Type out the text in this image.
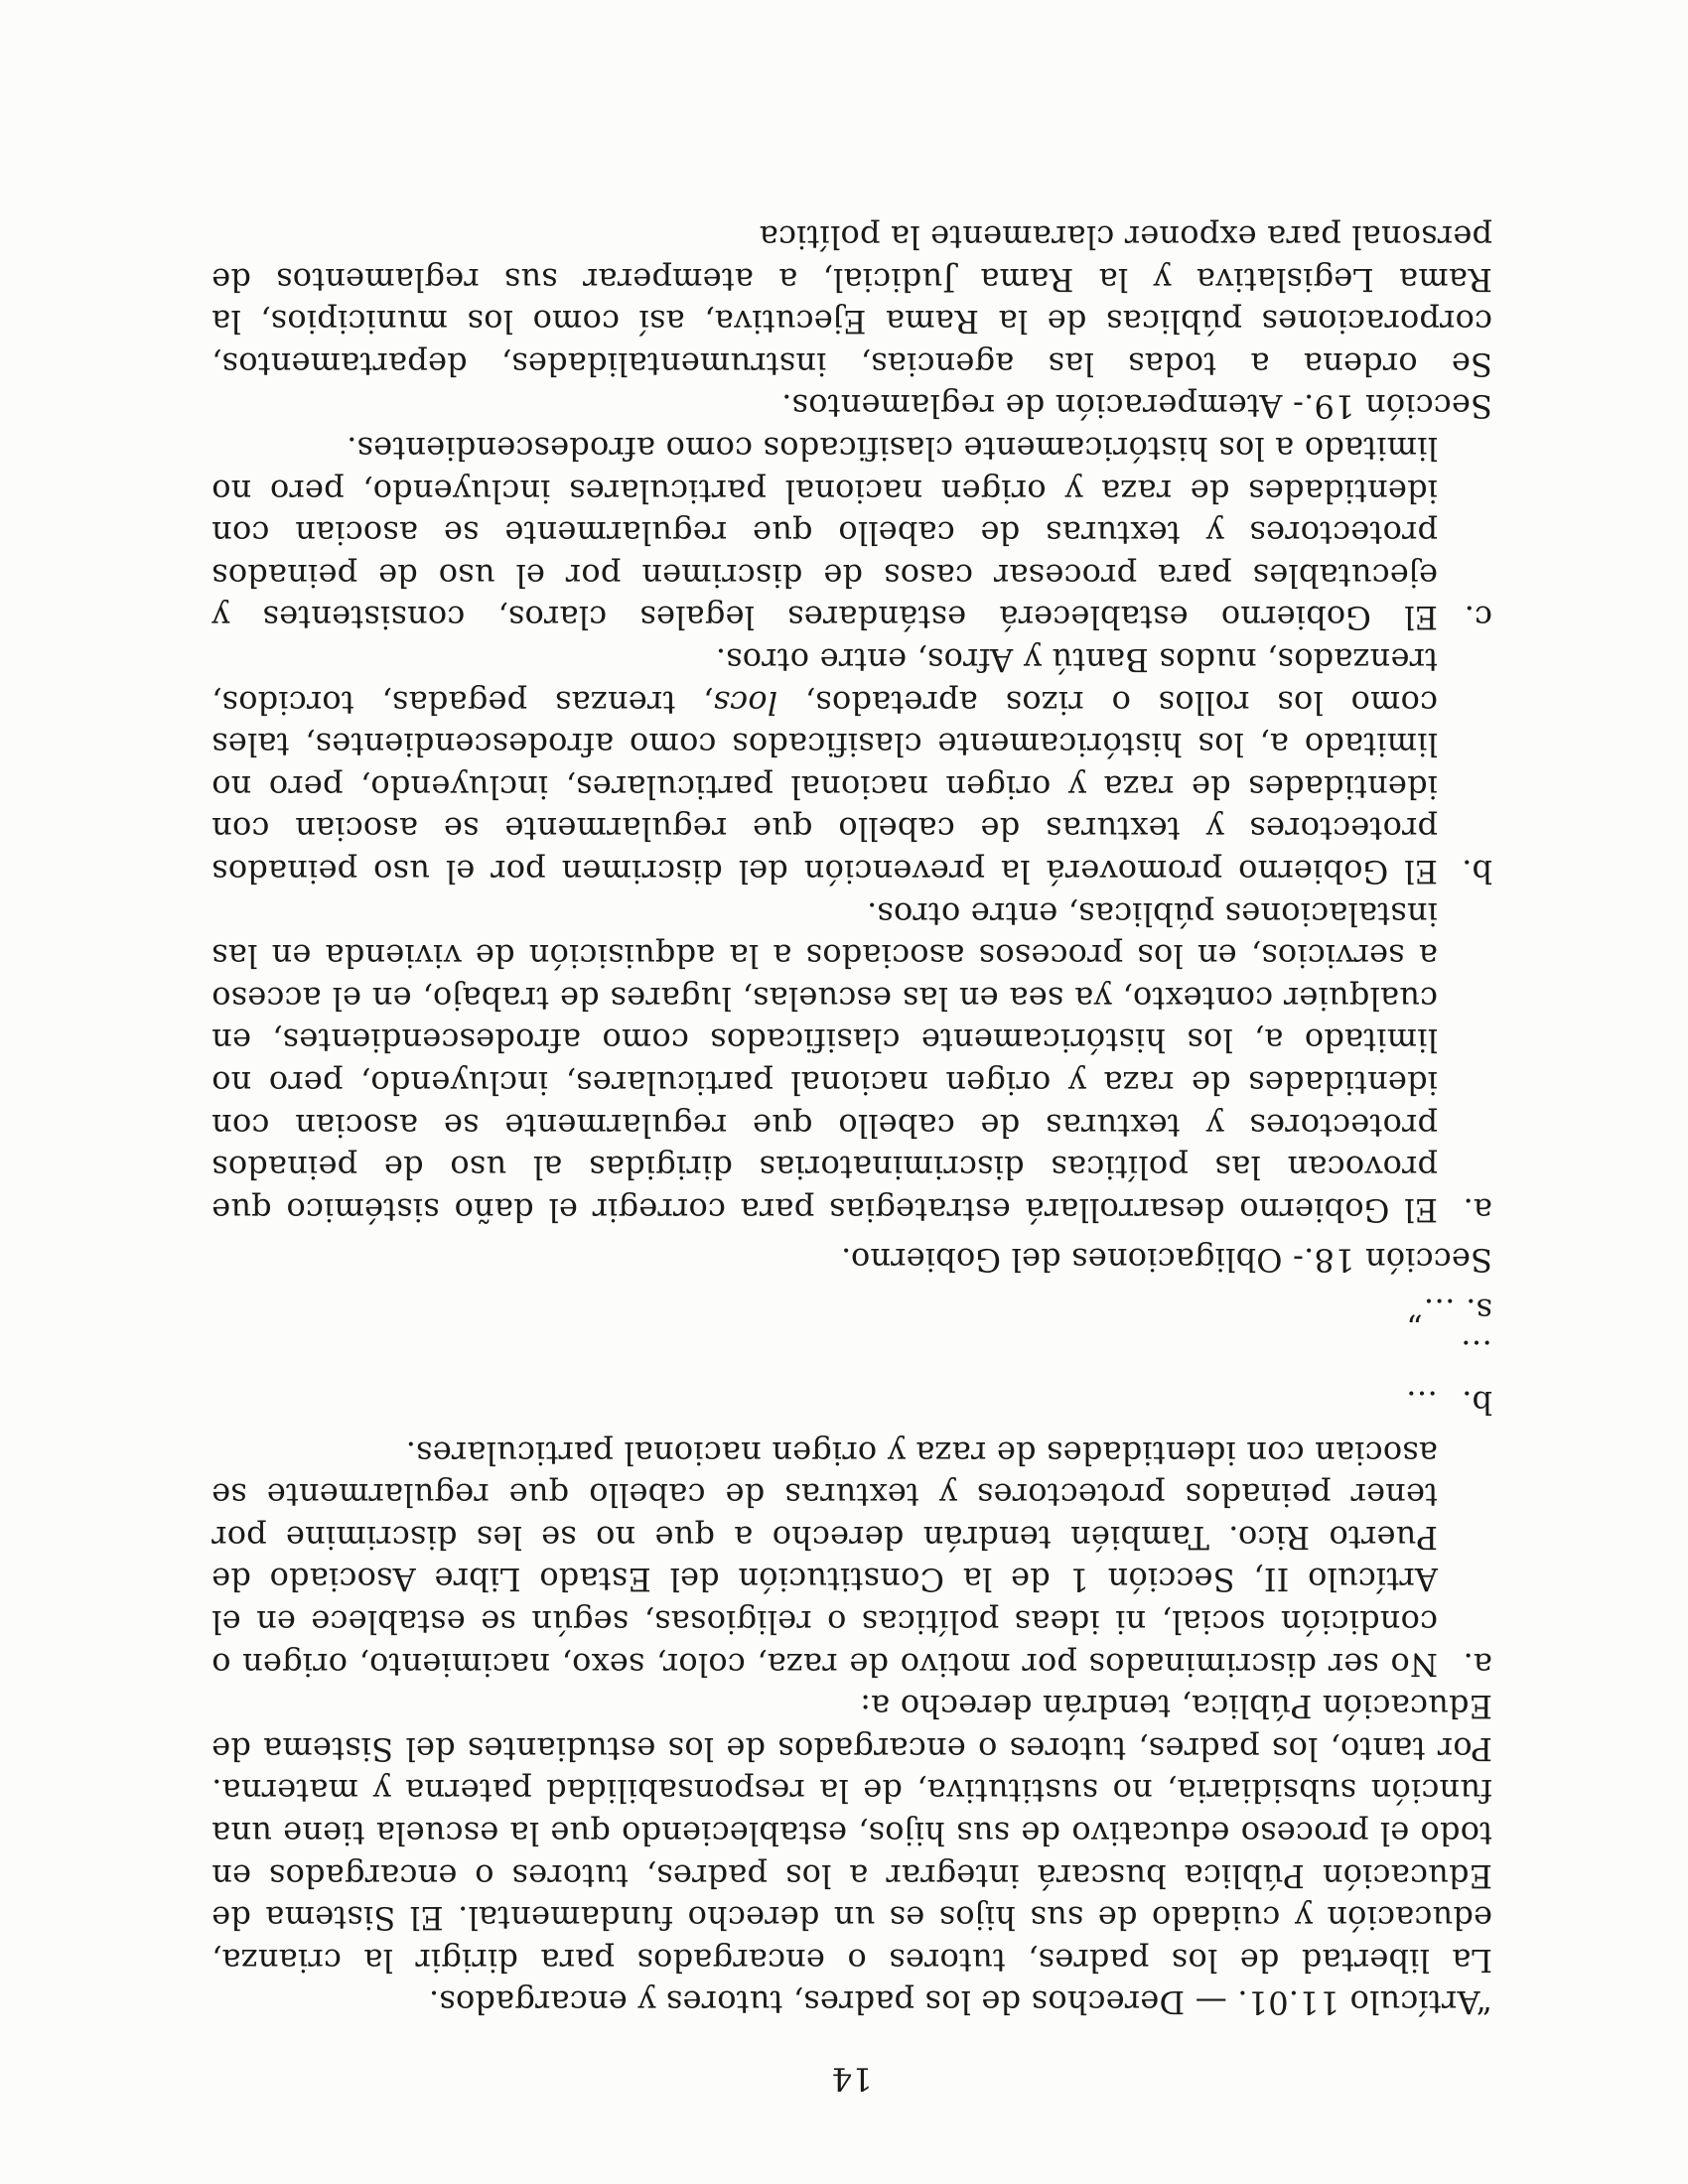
14

“Artículo 11.01. — Derechos de los padres, tutores y encargados.

La libertad de los padres, tutores o encargados para dirigir la crianza, educación y cuidado de sus hijos es un derecho fundamental. El Sistema de Educación Pública buscará integrar a los padres, tutores o encargados en todo el proceso educativo de sus hijos, estableciendo que la escuela tiene una función subsidiaria, no sustitutiva, de la responsabilidad paterna y materna. Por tanto, los padres, tutores o encargados de los estudiantes del Sistema de Educación Pública, tendrán derecho a:

a.
No ser discriminados por motivo de raza, color, sexo, nacimiento, origen o condición social, ni ideas políticas o religiosas, según se establece en el Artículo II, Sección 1 de la Constitución del Estado Libre Asociado de Puerto Rico. También tendrán derecho a que no se les discrimine por tener peinados protectores y texturas de cabello que regularmente se asocian con identidades de raza y origen nacional particulares.
b.
…

…

s. …”

Sección 18.- Obligaciones del Gobierno.

a.
El Gobierno desarrollará estrategias para corregir el daño sistémico que provocan las políticas discriminatorias dirigidas al uso de peinados protectores y texturas de cabello que regularmente se asocian con identidades de raza y origen nacional particulares, incluyendo, pero no limitado a, los históricamente clasificados como afrodescendientes, en cualquier contexto, ya sea en las escuelas, lugares de trabajo, en el acceso a servicios, en los procesos asociados a la adquisición de vivienda en las instalaciones públicas, entre otros.
b.
El Gobierno promoverá la prevención del discrimen por el uso peinados protectores y texturas de cabello que regularmente se asocian con identidades de raza y origen nacional particulares, incluyendo, pero no limitado a, los históricamente clasificados como afrodescendientes, tales como los rollos o rizos apretados, locs, trenzas pegadas, torcidos, trenzados, nudos Bantú y Afros, entre otros.
c.
El Gobierno establecerá estándares legales claros, consistentes y ejecutables para procesar casos de discrimen por el uso de peinados protectores y texturas de cabello que regularmente se asocian con identidades de raza y origen nacional particulares incluyendo, pero no limitado a los históricamente clasificados como afrodescendientes.

Sección 19.- Atemperación de reglamentos.

Se ordena a todas las agencias, instrumentalidades, departamentos, corporaciones públicas de la Rama Ejecutiva, así como los municipios, la Rama Legislativa y la Rama Judicial, a atemperar sus reglamentos de personal para exponer claramente la política
